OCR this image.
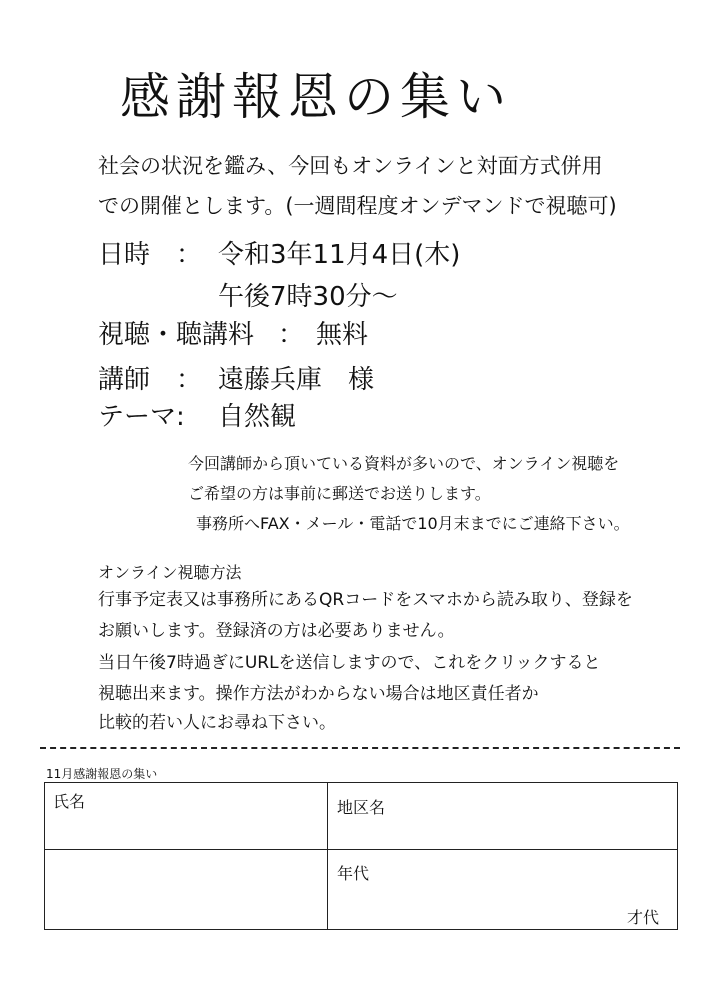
感謝報恩の集い
社会の状況を鑑み、今回もオンラインと対面方式併用
での開催とします。(一週間程度オンデマンドで視聴可)
日時 ： 令和3年11月4日(木)
午後7時30分～
視聴・聴講料 ： 無料
講師 ： 遠藤兵庫　様
テーマ: 自然観
今回講師から頂いている資料が多いので、オンライン視聴を
ご希望の方は事前に郵送でお送りします。
事務所へFAX・メール・電話で10月末までにご連絡下さい。
オンライン視聴方法
行事予定表又は事務所にあるQRコードをスマホから読み取り、登録を
お願いします。登録済の方は必要ありません。
当日午後7時過ぎにURLを送信しますので、これをクリックすると
視聴出来ます。操作方法がわからない場合は地区責任者か
比較的若い人にお尋ね下さい。
11月感謝報恩の集い
氏名	地区名
年代
才代
